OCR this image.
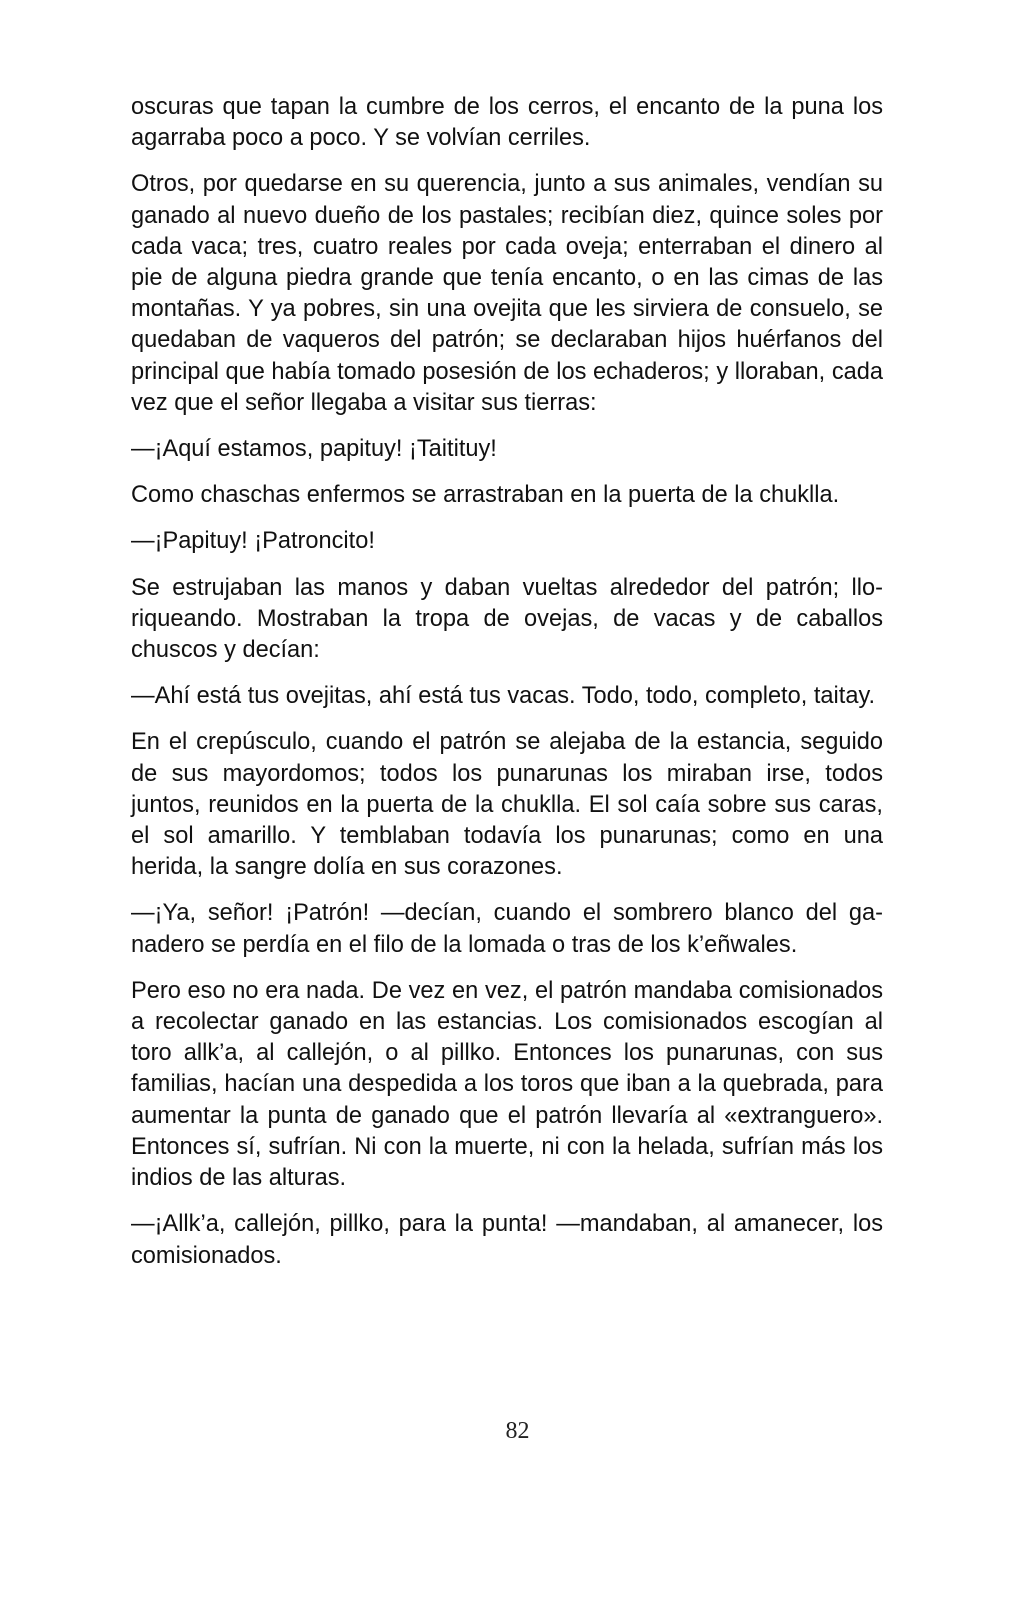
oscuras que tapan la cumbre de los cerros, el encanto de la puna los agarraba poco a poco. Y se volvían cerriles.

Otros, por quedarse en su querencia, junto a sus animales, vendían su ganado al nuevo dueño de los pastales; recibían diez, quince soles por cada vaca; tres, cuatro reales por cada oveja; enterraban el dinero al pie de alguna piedra grande que tenía encanto, o en las cimas de las montañas. Y ya pobres, sin una ovejita que les sirviera de consuelo, se quedaban de vaqueros del patrón; se declaraban hijos huérfanos del principal que había tomado posesión de los echaderos; y lloraban, cada vez que el señor llegaba a visitar sus tierras:

—¡Aquí estamos, papituy! ¡Taitituy!

Como chaschas enfermos se arrastraban en la puerta de la chuklla.

—¡Papituy! ¡Patroncito!

Se estrujaban las manos y daban vueltas alrededor del patrón; lloriqueando. Mostraban la tropa de ovejas, de vacas y de caballos chuscos y decían:

—Ahí está tus ovejitas, ahí está tus vacas. Todo, todo, completo, taitay.

En el crepúsculo, cuando el patrón se alejaba de la estancia, seguido de sus mayordomos; todos los punarunas los miraban irse, todos juntos, reunidos en la puerta de la chuklla. El sol caía sobre sus caras, el sol amarillo. Y temblaban todavía los punarunas; como en una herida, la sangre dolía en sus corazones.

—¡Ya, señor! ¡Patrón! —decían, cuando el sombrero blanco del ganadero se perdía en el filo de la lomada o tras de los k’eñwales.

Pero eso no era nada. De vez en vez, el patrón mandaba comisionados a recolectar ganado en las estancias. Los comisionados escogían al toro allk’a, al callejón, o al pillko. Entonces los punarunas, con sus familias, hacían una despedida a los toros que iban a la quebrada, para aumentar la punta de ganado que el patrón llevaría al «extranguero». Entonces sí, sufrían. Ni con la muerte, ni con la helada, sufrían más los indios de las alturas.

—¡Allk’a, callejón, pillko, para la punta! —mandaban, al amanecer, los comisionados.

82
